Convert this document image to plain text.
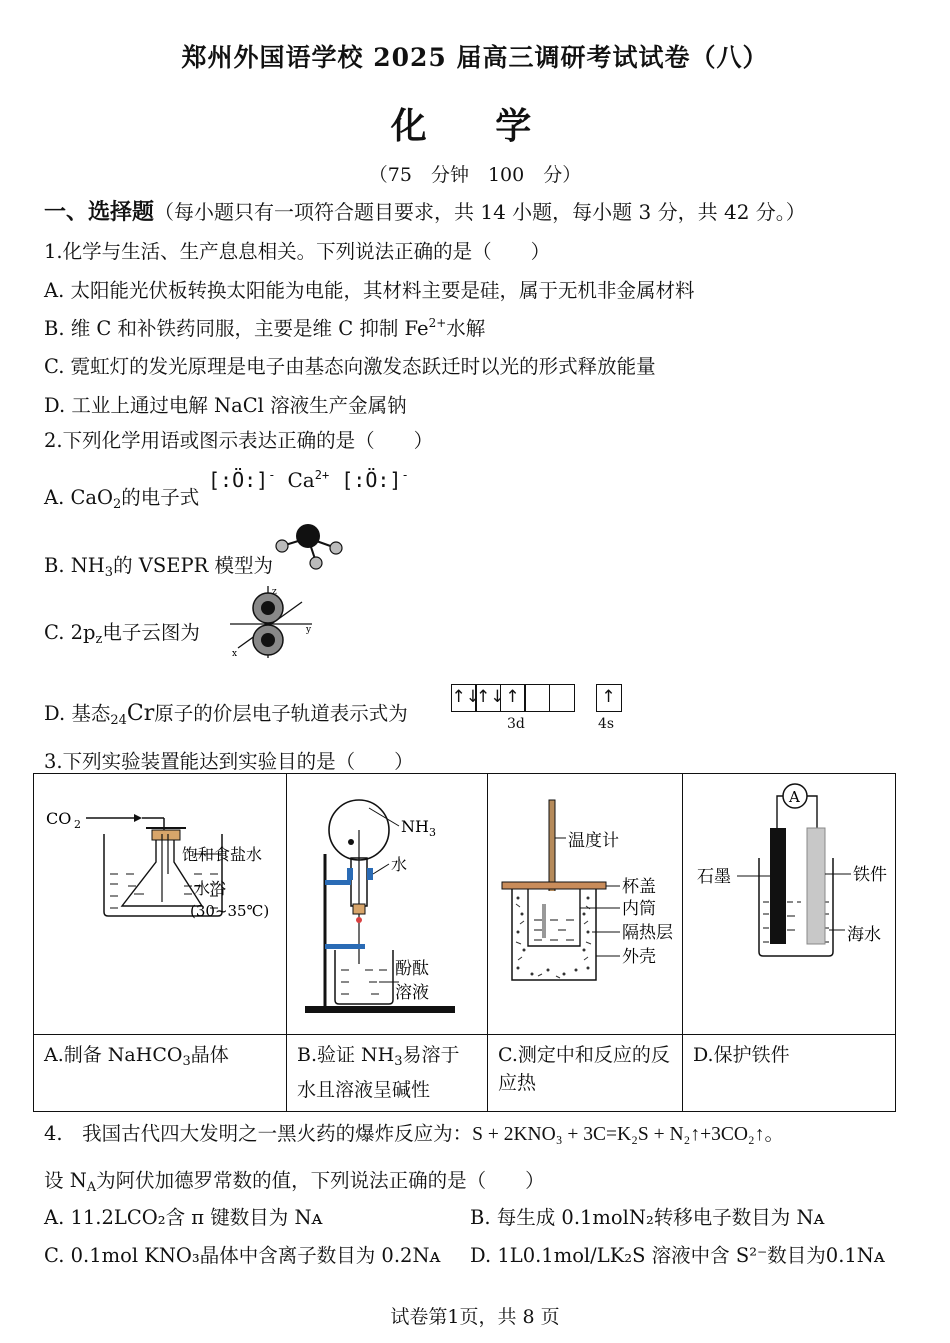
郑州外国语学校 2025 届高三调研考试试卷（八）
化 学
（75　分钟　100　分）
一、选择题（每小题只有一项符合题目要求，共 14 小题，每小题 3 分，共 42 分。）
1.化学与生活、生产息息相关。下列说法正确的是（　　）
A. 太阳能光伏板转换太阳能为电能，其材料主要是硅，属于无机非金属材料
B. 维 C 和补铁药同服，主要是维 C 抑制 $Fe^{2+}$水解
C. 霓虹灯的发光原理是电子由基态向激发态跃迁时以光的形式释放能量
D. 工业上通过电解 NaCl 溶液生产金属钠
2.下列化学用语或图示表达正确的是（　　）
A. CaO$_2$的电子式
[:Ö:]- $Ca^{2+}$ [:Ö:]-
B. $NH_3$的 VSEPR 模型为
C. $2p_z$电子云图为
z
x
y
D. 基态$_{24}$Cr原子的价层电子轨道表示式为
↑↓↑↓↑	↑
3d	4s
3.下列实验装置能达到实验目的是（　　）
CO 2
饱和食盐水
水浴
(30~35℃)	NH 3
水
酚酞
溶液	温度计
杯盖
内筒
隔热层
外壳	A
石墨 铁件
海水

A.制备 NaHCO$_3$晶体	B.验证 $NH_3$易溶于水且溶液呈碱性	C.测定中和反应的反应热	D.保护铁件
4.　我国古代四大发明之一黑火药的爆炸反应为：S + 2KNO₃ + 3C=K₂S + N₂↑+3CO₂↑。
设 $N_A$为阿伏加德罗常数的值，下列说法正确的是（　　）
A. 11.2LCO₂含 π 键数目为 Nᴀ	B. 每生成 0.1molN₂转移电子数目为 Nᴀ
C. 0.1mol KNO₃晶体中含离子数目为 0.2Nᴀ D. 1L0.1mol/LK₂S 溶液中含 S²⁻数目为0.1Nᴀ
试卷第1页，共 8 页
